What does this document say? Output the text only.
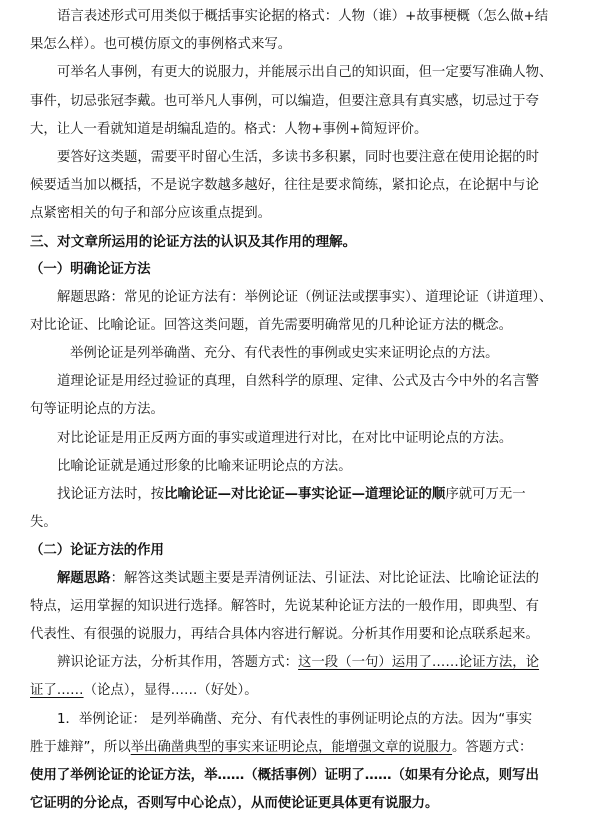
语言表述形式可用类似于概括事实论据的格式：人物（谁）+故事梗概（怎么做+结
果怎么样）。也可模仿原文的事例格式来写。
可举名人事例，有更大的说服力，并能展示出自己的知识面，但一定要写准确人物、
事件，切忌张冠李戴。也可举凡人事例，可以编造，但要注意具有真实感，切忌过于夸
大，让人一看就知道是胡编乱造的。格式：人物+事例+简短评价。
要答好这类题，需要平时留心生活，多读书多积累，同时也要注意在使用论据的时
候要适当加以概括，不是说字数越多越好，往往是要求简练，紧扣论点，在论据中与论
点紧密相关的句子和部分应该重点提到。
三、对文章所运用的论证方法的认识及其作用的理解。
（一）明确论证方法
解题思路：常见的论证方法有：举例论证（例证法或摆事实）、道理论证（讲道理）、
对比论证、比喻论证。回答这类问题，首先需要明确常见的几种论证方法的概念。
举例论证是列举确凿、充分、有代表性的事例或史实来证明论点的方法。
道理论证是用经过验证的真理，自然科学的原理、定律、公式及古今中外的名言警
句等证明论点的方法。
对比论证是用正反两方面的事实或道理进行对比，在对比中证明论点的方法。
比喻论证就是通过形象的比喻来证明论点的方法。
找论证方法时，按比喻论证—对比论证—事实论证—道理论证的顺序就可万无一
失。
（二）论证方法的作用
解题思路：解答这类试题主要是弄清例证法、引证法、对比论证法、比喻论证法的
特点，运用掌握的知识进行选择。解答时，先说某种论证方法的一般作用，即典型、有
代表性、有很强的说服力，再结合具体内容进行解说。分析其作用要和论点联系起来。
辨识论证方法，分析其作用，答题方式：这一段（一句）运用了……论证方法，论
证了……（论点），显得……（好处）。
1．举例论证： 是列举确凿、充分、有代表性的事例证明论点的方法。因为“事实
胜于雄辩”，所以举出确凿典型的事实来证明论点，能增强文章的说服力。答题方式：
使用了举例论证的论证方法，举……（概括事例）证明了……（如果有分论点，则写出
它证明的分论点，否则写中心论点），从而使论证更具体更有说服力。
